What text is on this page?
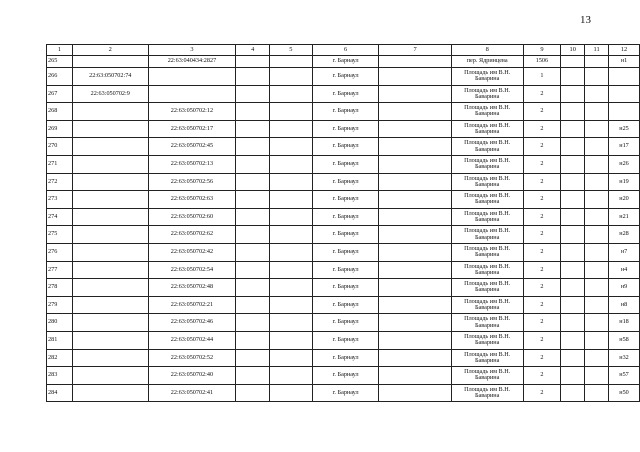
13
1	2	3	4	5	6	7	8	9	10	11	12
265		22:63:040434:2827			г. Барнаул		пер. Ядринцева	1506			н1
266	22:63:050702:74				г. Барнаул		Площадь им В.Н. Баварина	1			
267	22:63:050702:9				г. Барнаул		Площадь им В.Н. Баварина	2			
268		22:63:050702:12			г. Барнаул		Площадь им В.Н. Баварина	2			
269		22:63:050702:17			г. Барнаул		Площадь им В.Н. Баварина	2			н25
270		22:63:050702:45			г. Барнаул		Площадь им В.Н. Баварина	2			н17
271		22:63:050702:13			г. Барнаул		Площадь им В.Н. Баварина	2			н26
272		22:63:050702:56			г. Барнаул		Площадь им В.Н. Баварина	2			н19
273		22:63:050702:63			г. Барнаул		Площадь им В.Н. Баварина	2			н20
274		22:63:050702:60			г. Барнаул		Площадь им В.Н. Баварина	2			н21
275		22:63:050702:62			г. Барнаул		Площадь им В.Н. Баварина	2			н28
276		22:63:050702:42			г. Барнаул		Площадь им В.Н. Баварина	2			н7
277		22:63:050702:54			г. Барнаул		Площадь им В.Н. Баварина	2			н4
278		22:63:050702:48			г. Барнаул		Площадь им В.Н. Баварина	2			н9
279		22:63:050702:21			г. Барнаул		Площадь им В.Н. Баварина	2			н8
280		22:63:050702:46			г. Барнаул		Площадь им В.Н. Баварина	2			н18
281		22:63:050702:44			г. Барнаул		Площадь им В.Н. Баварина	2			н58
282		22:63:050702:52			г. Барнаул		Площадь им В.Н. Баварина	2			н32
283		22:63:050702:40			г. Барнаул		Площадь им В.Н. Баварина	2			н57
284		22:63:050702:41			г. Барнаул		Площадь им В.Н. Баварина	2			н50
